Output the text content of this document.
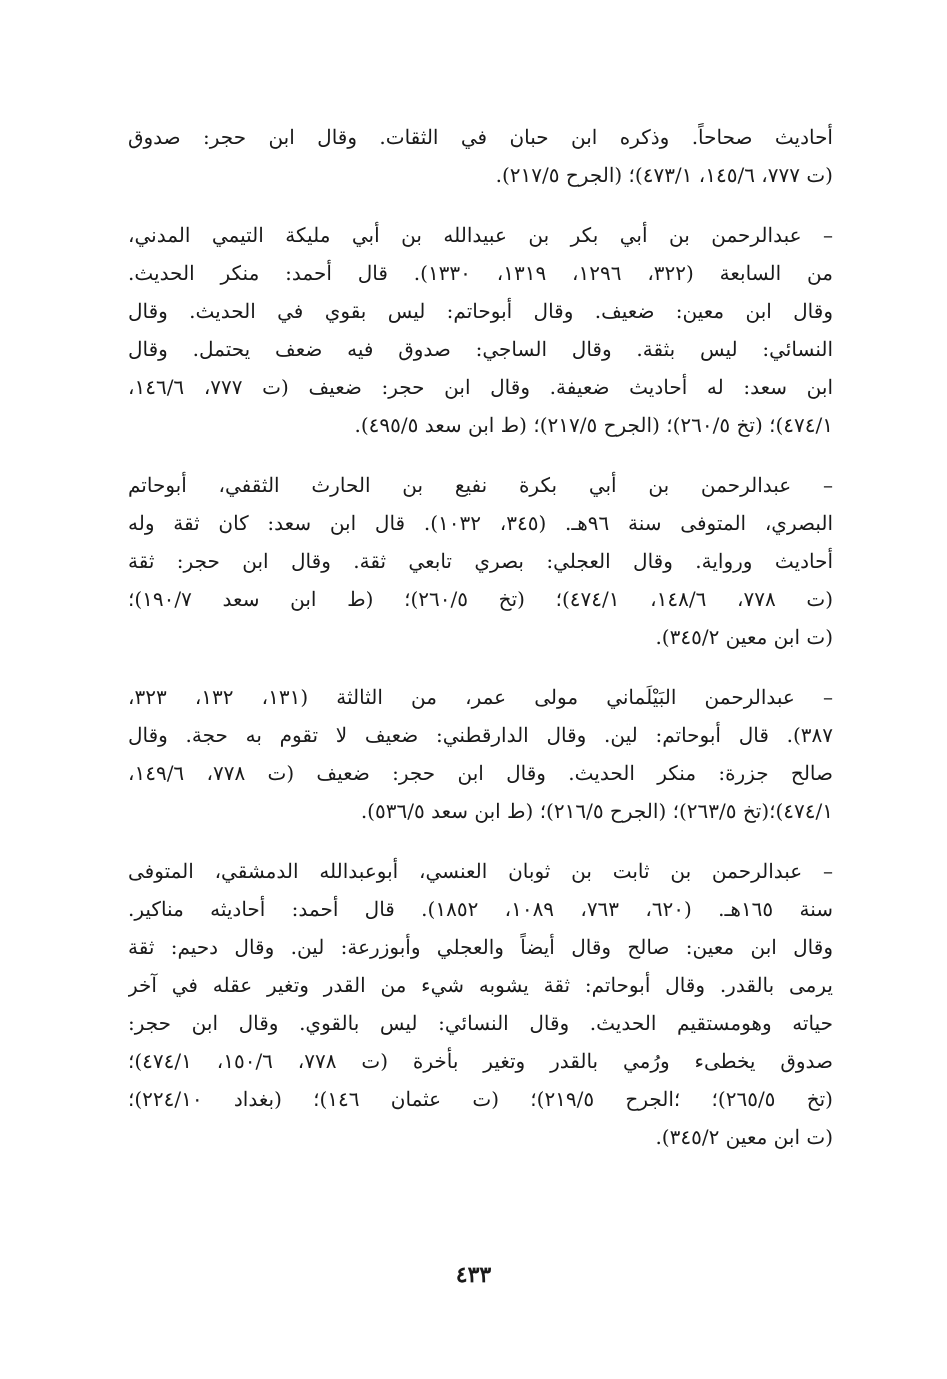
أحاديث صحاحاً. وذكره ابن حبان في الثقات. وقال ابن حجر: صدوق
(ت ٧٧٧، ١٤٥/٦، ٤٧٣/١)؛ (الجرح ٢١٧/٥).
– عبدالرحمن بن أبي بكر بن عبيدالله بن أبي مليكة التيمي المدني،
من السابعة (٣٢٢، ١٢٩٦، ١٣١٩، ١٣٣٠). قال أحمد: منكر الحديث.
وقال ابن معين: ضعيف. وقال أبوحاتم: ليس بقوي في الحديث. وقال
النسائي: ليس بثقة. وقال الساجي: صدوق فيه ضعف يحتمل. وقال
ابن سعد: له أحاديث ضعيفة. وقال ابن حجر: ضعيف (ت ٧٧٧، ١٤٦/٦،
٤٧٤/١)؛ (تخ ٢٦٠/٥)؛ (الجرح ٢١٧/٥)؛ (ط ابن سعد ٤٩٥/٥).
– عبدالرحمن بن أبي بكرة نفيع بن الحارث الثقفي، أبوحاتم
البصري، المتوفى سنة ٩٦هـ. (٣٤٥، ١٠٣٢). قال ابن سعد: كان ثقة وله
أحاديث ورواية. وقال العجلي: بصري تابعي ثقة. وقال ابن حجر: ثقة
(ت ٧٧٨، ١٤٨/٦، ٤٧٤/١)؛ (تخ ٢٦٠/٥)؛ (ط ابن سعد ١٩٠/٧)؛
(ت ابن معين ٣٤٥/٢).
– عبدالرحمن البَيْلَماني مولى عمر، من الثالثة (١٣١، ١٣٢، ٣٢٣،
٣٨٧). قال أبوحاتم: لين. وقال الدارقطني: ضعيف لا تقوم به حجة. وقال
صالح جزرة: منكر الحديث. وقال ابن حجر: ضعيف (ت ٧٧٨، ١٤٩/٦،
٤٧٤/١)؛(تخ ٢٦٣/٥)؛ (الجرح ٢١٦/٥)؛ (ط ابن سعد ٥٣٦/٥).
– عبدالرحمن بن ثابت بن ثوبان العنسي، أبوعبدالله الدمشقي، المتوفى
سنة ١٦٥هـ. (٦٢٠، ٧٦٣، ١٠٨٩، ١٨٥٢). قال أحمد: أحاديثه مناكير.
وقال ابن معين: صالح وقال أيضاً والعجلي وأبوزرعة: لين. وقال دحيم: ثقة
يرمى بالقدر. وقال أبوحاتم: ثقة يشوبه شيء من القدر وتغير عقله في آخر
حياته وهومستقيم الحديث. وقال النسائي: ليس بالقوي. وقال ابن حجر:
صدوق يخطىء ورُمي بالقدر وتغير بأخرة (ت ٧٧٨، ١٥٠/٦، ٤٧٤/١)؛
(تخ ٢٦٥/٥)؛ ؛الجرح ٢١٩/٥)؛ (ت عثمان ١٤٦)؛ (بغداد ٢٢٤/١٠)؛
(ت ابن معين ٣٤٥/٢).
٤٣٣
